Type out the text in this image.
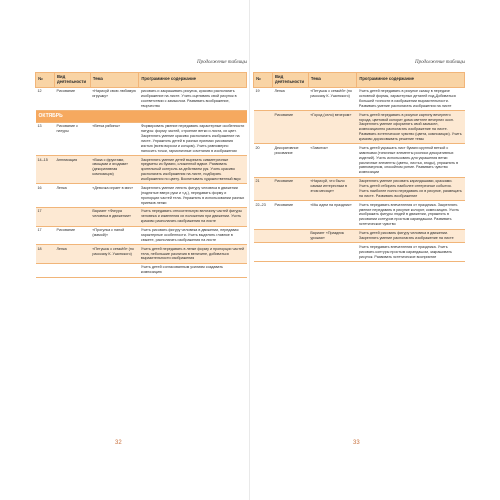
Продолжение таблицы
№	Вид деятельности	Тема	Программное содержание
12	Рисование	«Нарисуй свою любимую игрушку»	рисовать и закрашивать рисунок, красиво располагать изображение на листе. Учить оценивать свой рисунок в соответствии с замыслом. Развивать воображение, творчество
ОКТЯБРЬ			
13	Рисование с натуры	«Ветка рябины»	Формировать умение передавать характерные особенности натуры: форму частей, строение ветки и листа, их цвет. Закреплять умение красиво располагать изображение на листе. Упражнять детей в разных приемах рисования кистью (всем ворсом и концом). Учить равномерно наносить точки, гармоничные сочетания в изображении
14–15	Аппликация	«Ваза с фруктами, овощами и ягодами» (декоративная композиция)	Закреплять умение детей вырезать симметричные предметы из бумаги, сложенной вдвое. Развивать зрительный контроль за действием рук. Учить красиво располагать изображения на листе, подбирать изображения по цвету. Воспитывать художественный вкус
16	Лепка	«Девочка играет в мяч»	Закреплять умение лепить фигуру человека в движении (поднятые вверх руки и т.д.), передавать форму и пропорции частей тела. Упражнять в использовании разных приемов лепки
17		Вариант «Фигура человека в движении»	Учить передавать относительную величину частей фигуры человека и изменения их положения при движении. Учить красиво располагать изображения на листе
17	Рисование	«Прогулка с папой (мамой)»	Учить рисовать фигуру человека в движении, передавая характерные особенности. Учить выделять главное в сюжете, располагать изображения на листе
18	Лепка	«Петушок с семьёй» (по рассказу К. Ушинского)	Учить детей передавать в лепке форму и пропорции частей тела, небольшие различия в величине, добиваться выразительности изображения
			Учить детей согласованным усилиям создавать композицию
32
Продолжение таблицы
№	Вид деятельности	Тема	Программное содержание
19	Лепка	«Петушок с семьёй» (по рассказу К. Ушинского)	Учить детей передавать в рисунке сказку в передаче основной формы, характерных деталей под-Добиваться большей точности в изображении выразительности. Развивать умение располагать изображения на листе
	Рисование	«Город (село) вечером»	Учить детей передавать в рисунке картину вечернего города, цветовой колорит дома светлее вечерних окон. Закреплять умение оформлять свой замысел, композиционно располагать изображение на листе. Развивать эстетическое чувство (цвета, композиции). Учить красиво дорисовывать решение темы
20	Декоративное рисование	«Завиток»	Учить детей украшать лист бумаги крупной веткой с завитками (типичные элементы росписи декоративных изделий). Учить использовать для украшения ветки различные элементы (цветы, листья, ягоды), упражнять в равномерном, спокойном ритме. Развивать чувство композиции
21	Рисование	«Нарисуй, что было самым интересным в этом месяце»	Закреплять умение рисовать карандашами, красками. Учить детей отбирать наиболее интересные события. Учить наиболее полно передавать их в рисунке, размещать на листе. Развивать воображение
22–23	Рисование	«Мы идем на праздник»	Учить передавать впечатления от праздника. Закреплять умение передавать в рисунке колорит, композицию. Учить изображать фигуры людей в движении, упражнять в рисовании контуров простым карандашом. Развивать эстетическое чувство
		Вариант «Праздник урожая»	Учить детей рисовать фигуру человека в движении. Закреплять умение располагать изображение на листе
			Учить передавать впечатления от праздника. Учить рисовать контуры простым карандашом, закрашивать рисунок. Развивать эстетическое восприятие
33
